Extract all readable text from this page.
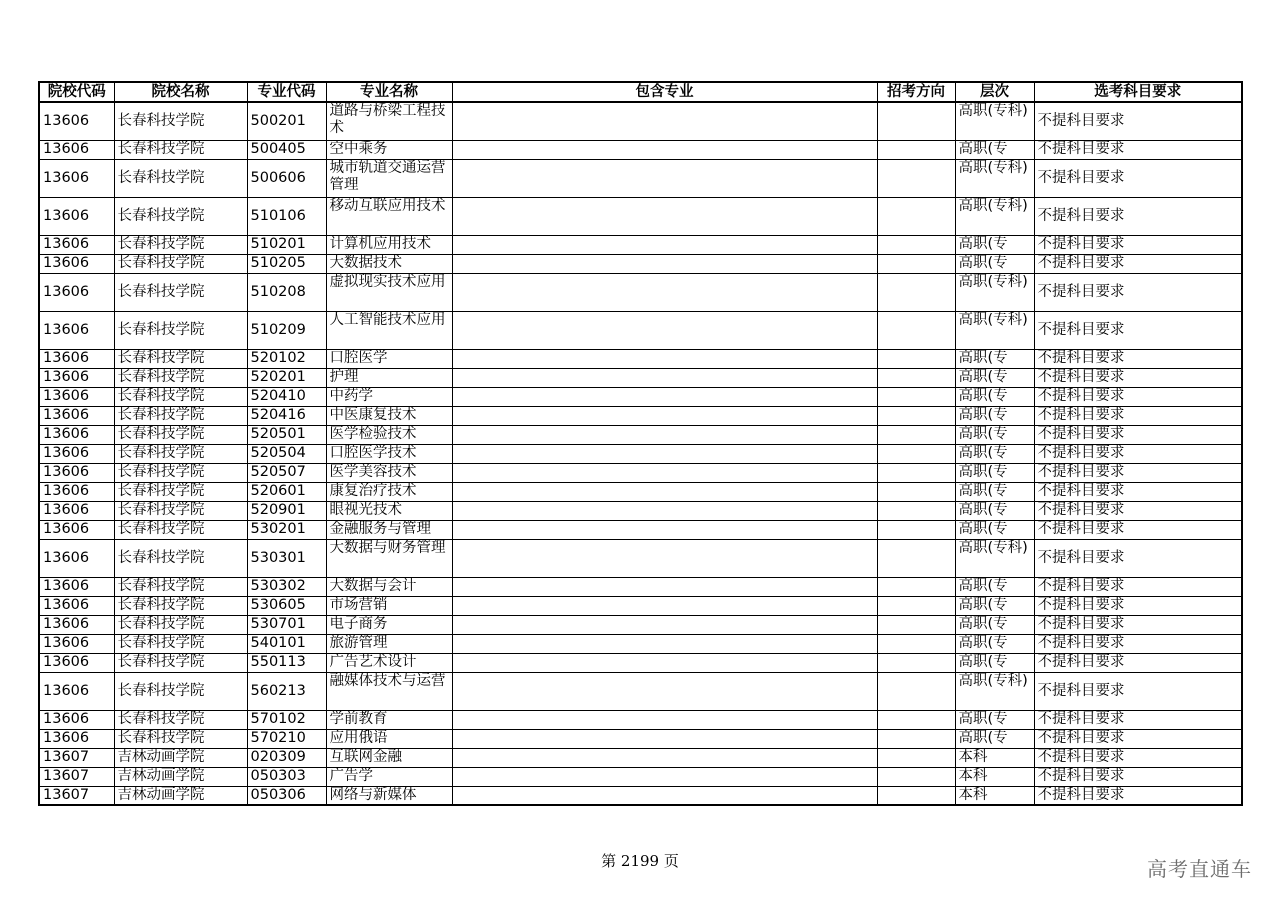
院校代码	院校名称	专业代码	专业名称	包含专业	招考方向	层次	选考科目要求
13606	长春科技学院	500201	道路与桥梁工程技术			高职(专科)	不提科目要求
13606	长春科技学院	500405	空中乘务			高职(专	不提科目要求
13606	长春科技学院	500606	城市轨道交通运营管理			高职(专科)	不提科目要求
13606	长春科技学院	510106	移动互联应用技术			高职(专科)	不提科目要求
13606	长春科技学院	510201	计算机应用技术			高职(专	不提科目要求
13606	长春科技学院	510205	大数据技术			高职(专	不提科目要求
13606	长春科技学院	510208	虚拟现实技术应用			高职(专科)	不提科目要求
13606	长春科技学院	510209	人工智能技术应用			高职(专科)	不提科目要求
13606	长春科技学院	520102	口腔医学			高职(专	不提科目要求
13606	长春科技学院	520201	护理			高职(专	不提科目要求
13606	长春科技学院	520410	中药学			高职(专	不提科目要求
13606	长春科技学院	520416	中医康复技术			高职(专	不提科目要求
13606	长春科技学院	520501	医学检验技术			高职(专	不提科目要求
13606	长春科技学院	520504	口腔医学技术			高职(专	不提科目要求
13606	长春科技学院	520507	医学美容技术			高职(专	不提科目要求
13606	长春科技学院	520601	康复治疗技术			高职(专	不提科目要求
13606	长春科技学院	520901	眼视光技术			高职(专	不提科目要求
13606	长春科技学院	530201	金融服务与管理			高职(专	不提科目要求
13606	长春科技学院	530301	大数据与财务管理			高职(专科)	不提科目要求
13606	长春科技学院	530302	大数据与会计			高职(专	不提科目要求
13606	长春科技学院	530605	市场营销			高职(专	不提科目要求
13606	长春科技学院	530701	电子商务			高职(专	不提科目要求
13606	长春科技学院	540101	旅游管理			高职(专	不提科目要求
13606	长春科技学院	550113	广告艺术设计			高职(专	不提科目要求
13606	长春科技学院	560213	融媒体技术与运营			高职(专科)	不提科目要求
13606	长春科技学院	570102	学前教育			高职(专	不提科目要求
13606	长春科技学院	570210	应用俄语			高职(专	不提科目要求
13607	吉林动画学院	020309	互联网金融			本科	不提科目要求
13607	吉林动画学院	050303	广告学			本科	不提科目要求
13607	吉林动画学院	050306	网络与新媒体			本科	不提科目要求
第 2199 页	高考直通车
